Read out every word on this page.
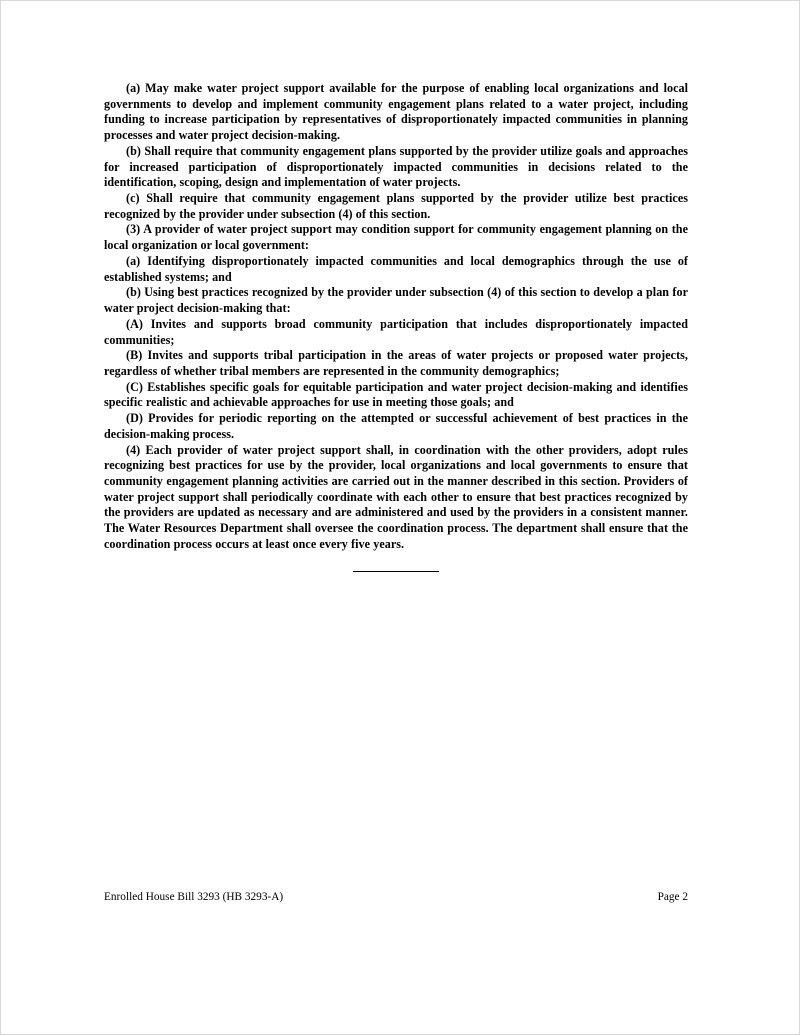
(a) May make water project support available for the purpose of enabling local organizations and local governments to develop and implement community engagement plans related to a water project, including funding to increase participation by representatives of disproportionately impacted communities in planning processes and water project decision-making.

(b) Shall require that community engagement plans supported by the provider utilize goals and approaches for increased participation of disproportionately impacted communities in decisions related to the identification, scoping, design and implementation of water projects.

(c) Shall require that community engagement plans supported by the provider utilize best practices recognized by the provider under subsection (4) of this section.

(3) A provider of water project support may condition support for community engagement planning on the local organization or local government:

(a) Identifying disproportionately impacted communities and local demographics through the use of established systems; and

(b) Using best practices recognized by the provider under subsection (4) of this section to develop a plan for water project decision-making that:

(A) Invites and supports broad community participation that includes disproportionately impacted communities;

(B) Invites and supports tribal participation in the areas of water projects or proposed water projects, regardless of whether tribal members are represented in the community demographics;

(C) Establishes specific goals for equitable participation and water project decision-making and identifies specific realistic and achievable approaches for use in meeting those goals; and

(D) Provides for periodic reporting on the attempted or successful achievement of best practices in the decision-making process.

(4) Each provider of water project support shall, in coordination with the other providers, adopt rules recognizing best practices for use by the provider, local organizations and local governments to ensure that community engagement planning activities are carried out in the manner described in this section. Providers of water project support shall periodically coordinate with each other to ensure that best practices recognized by the providers are updated as necessary and are administered and used by the providers in a consistent manner. The Water Resources Department shall oversee the coordination process. The department shall ensure that the coordination process occurs at least once every five years.

Enrolled House Bill 3293 (HB 3293-A)	Page 2
